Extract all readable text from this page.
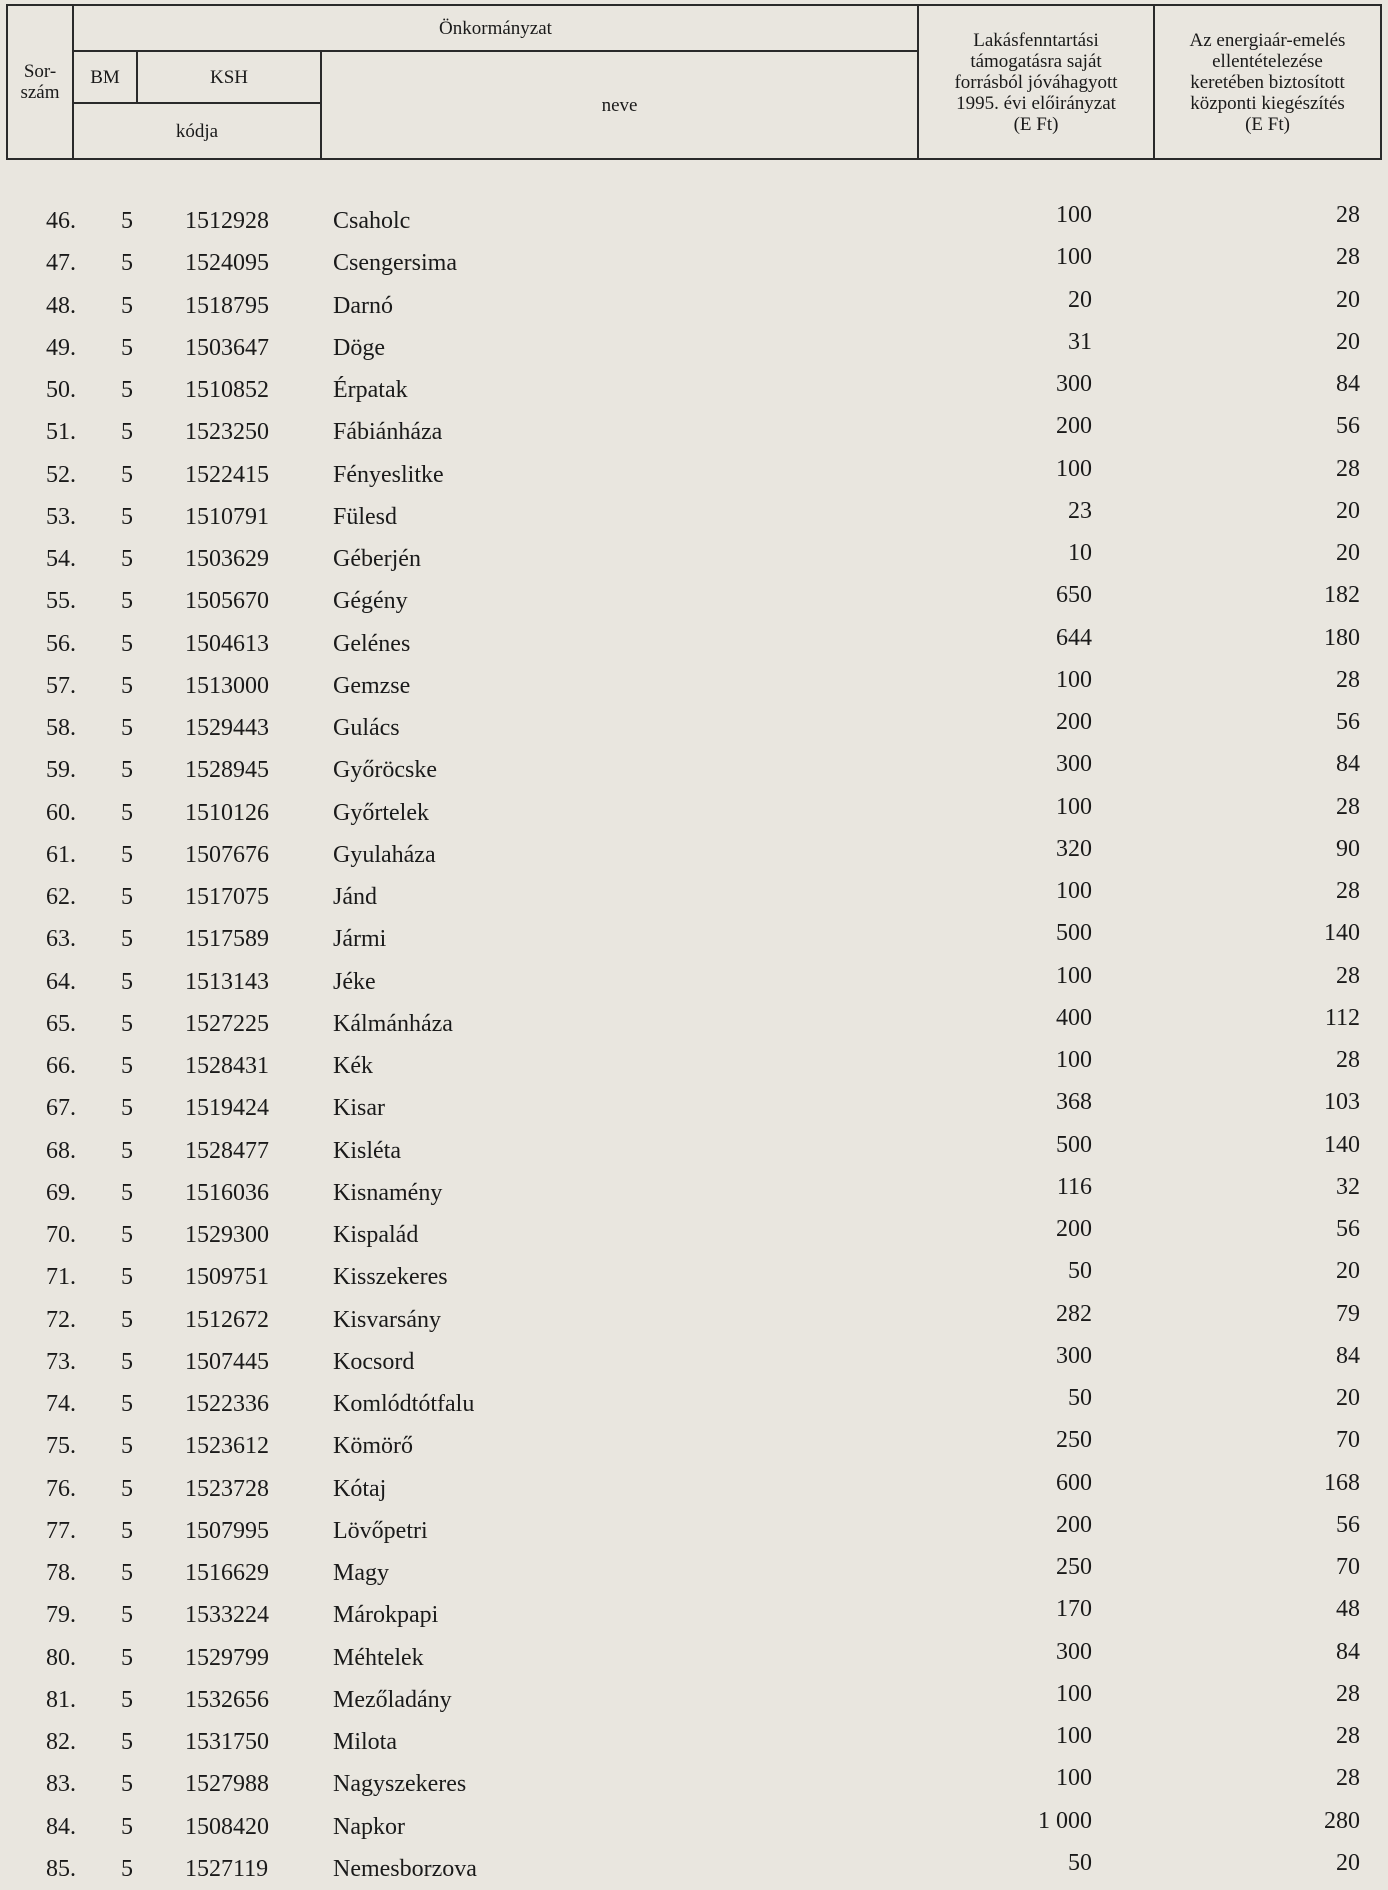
Sor-
szám
Önkormányzat
BM	KSH
kódja
neve
Lakásfenntartási
támogatásra saját
forrásból jóváhagyott
1995. évi előirányzat
(E Ft)
Az energiaár-emelés
ellentételezése
keretében biztosított
központi kiegészítés
(E Ft)
46.	5	1512928	Csaholc	100	28
47.	5	1524095	Csengersima	100	28
48.	5	1518795	Darnó	20	20
49.	5	1503647	Döge	31	20
50.	5	1510852	Érpatak	300	84
51.	5	1523250	Fábiánháza	200	56
52.	5	1522415	Fényeslitke	100	28
53.	5	1510791	Fülesd	23	20
54.	5	1503629	Géberjén	10	20
55.	5	1505670	Gégény	650	182
56.	5	1504613	Gelénes	644	180
57.	5	1513000	Gemzse	100	28
58.	5	1529443	Gulács	200	56
59.	5	1528945	Győröcske	300	84
60.	5	1510126	Győrtelek	100	28
61.	5	1507676	Gyulaháza	320	90
62.	5	1517075	Jánd	100	28
63.	5	1517589	Jármi	500	140
64.	5	1513143	Jéke	100	28
65.	5	1527225	Kálmánháza	400	112
66.	5	1528431	Kék	100	28
67.	5	1519424	Kisar	368	103
68.	5	1528477	Kisléta	500	140
69.	5	1516036	Kisnamény	116	32
70.	5	1529300	Kispalád	200	56
71.	5	1509751	Kisszekeres	50	20
72.	5	1512672	Kisvarsány	282	79
73.	5	1507445	Kocsord	300	84
74.	5	1522336	Komlódtótfalu	50	20
75.	5	1523612	Kömörő	250	70
76.	5	1523728	Kótaj	600	168
77.	5	1507995	Lövőpetri	200	56
78.	5	1516629	Magy	250	70
79.	5	1533224	Márokpapi	170	48
80.	5	1529799	Méhtelek	300	84
81.	5	1532656	Mezőladány	100	28
82.	5	1531750	Milota	100	28
83.	5	1527988	Nagyszekeres	100	28
84.	5	1508420	Napkor	1 000	280
85.	5	1527119	Nemesborzova	50	20
